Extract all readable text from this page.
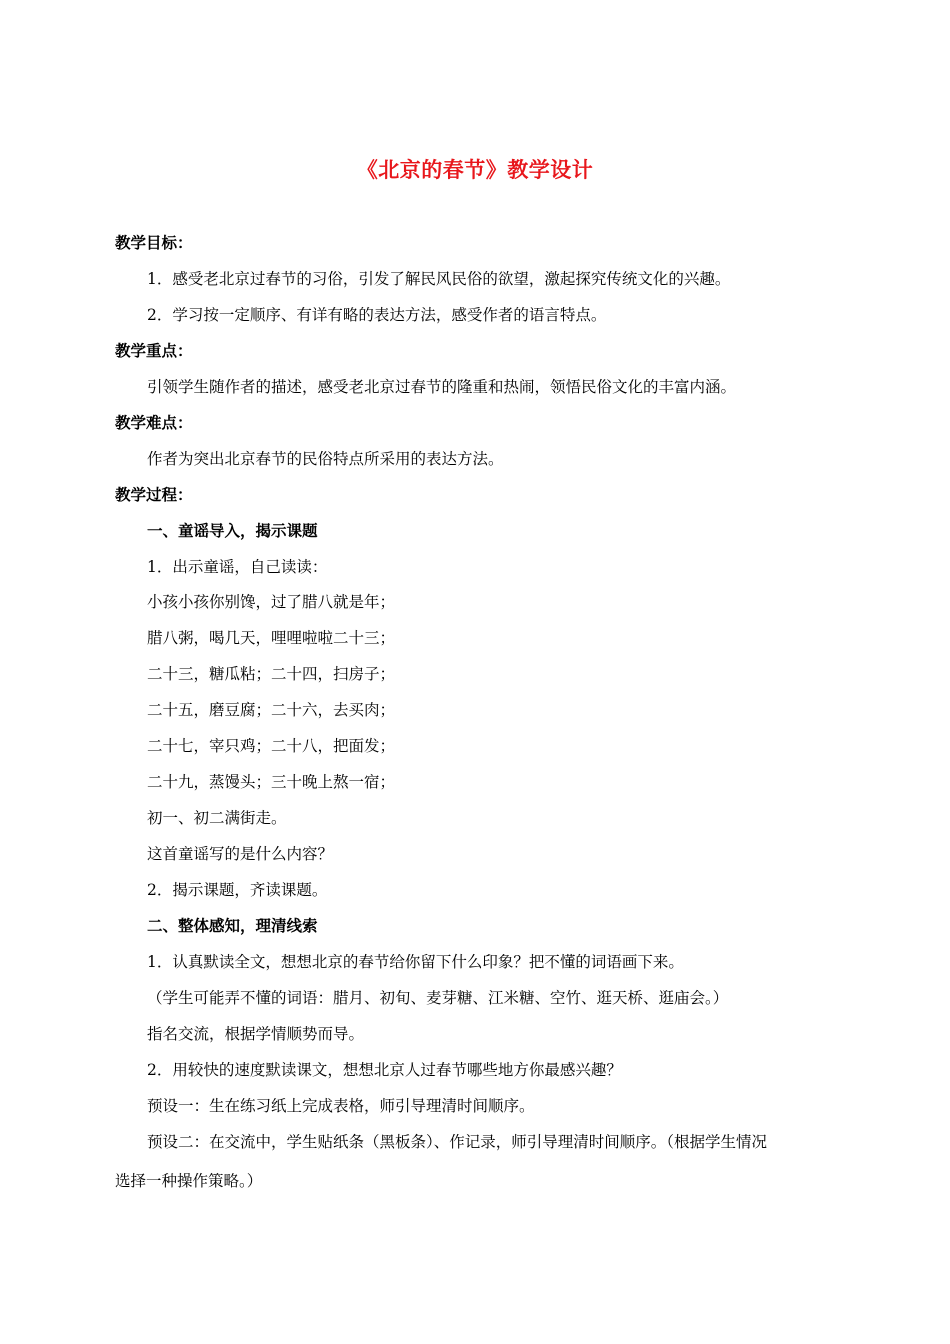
《北京的春节》教学设计
教学目标：
1．感受老北京过春节的习俗，引发了解民风民俗的欲望，激起探究传统文化的兴趣。
2．学习按一定顺序、有详有略的表达方法，感受作者的语言特点。
教学重点：
引领学生随作者的描述，感受老北京过春节的隆重和热闹，领悟民俗文化的丰富内涵。
教学难点：
作者为突出北京春节的民俗特点所采用的表达方法。
教学过程：
一、童谣导入，揭示课题
1．出示童谣，自己读读：
小孩小孩你别馋，过了腊八就是年；
腊八粥，喝几天，哩哩啦啦二十三；
二十三，糖瓜粘；二十四，扫房子；
二十五，磨豆腐；二十六，去买肉；
二十七，宰只鸡；二十八，把面发；
二十九，蒸馒头；三十晚上熬一宿；
初一、初二满街走。
这首童谣写的是什么内容？
2．揭示课题，齐读课题。
二、整体感知，理清线索
1．认真默读全文，想想北京的春节给你留下什么印象？把不懂的词语画下来。
（学生可能弄不懂的词语：腊月、初旬、麦芽糖、江米糖、空竹、逛天桥、逛庙会。）
指名交流，根据学情顺势而导。
2．用较快的速度默读课文，想想北京人过春节哪些地方你最感兴趣？
预设一：生在练习纸上完成表格，师引导理清时间顺序。
预设二：在交流中，学生贴纸条（黑板条）、作记录，师引导理清时间顺序。（根据学生情况
选择一种操作策略。）
